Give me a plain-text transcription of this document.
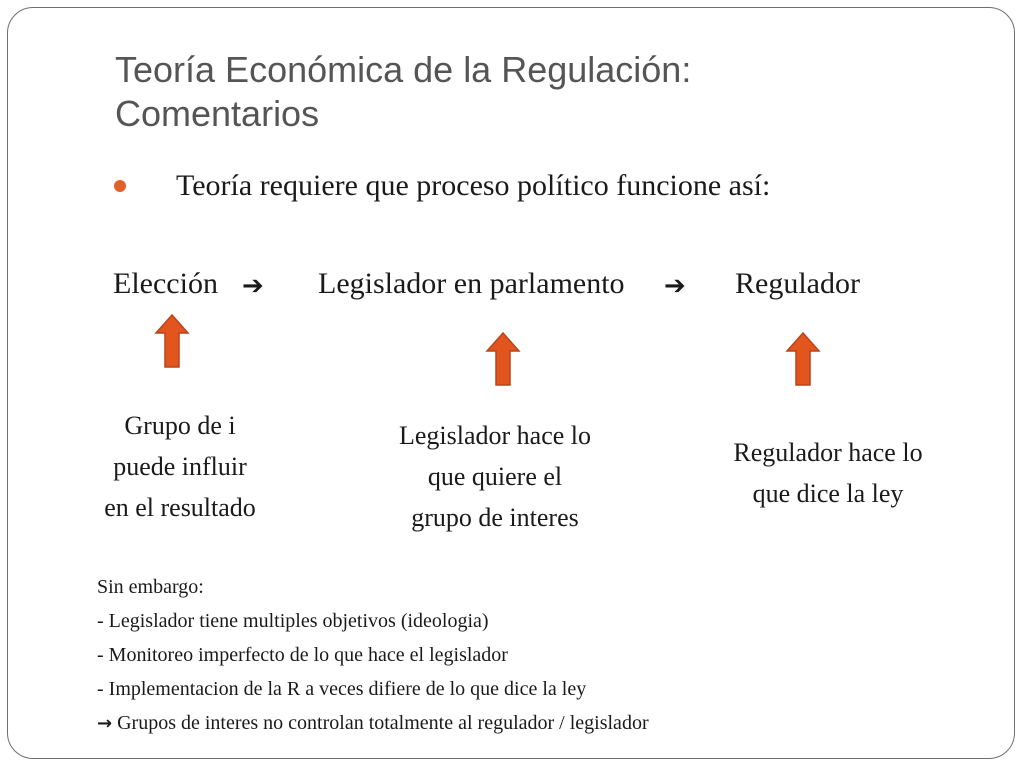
Teoría Económica de la Regulación:
Comentarios
Teoría requiere que proceso político funcione así:
Elección ➔ Legislador en parlamento ➔ Regulador
Grupo de i
puede influir
en el resultado
Legislador hace lo
que quiere el
grupo de interes
Regulador hace lo
que dice la ley
Sin embargo:
- Legislador tiene multiples objetivos (ideologia)
- Monitoreo imperfecto de lo que hace el legislador
- Implementacion de la R a veces difiere de lo que dice la ley
→ Grupos de interes no controlan totalmente al regulador / legislador
